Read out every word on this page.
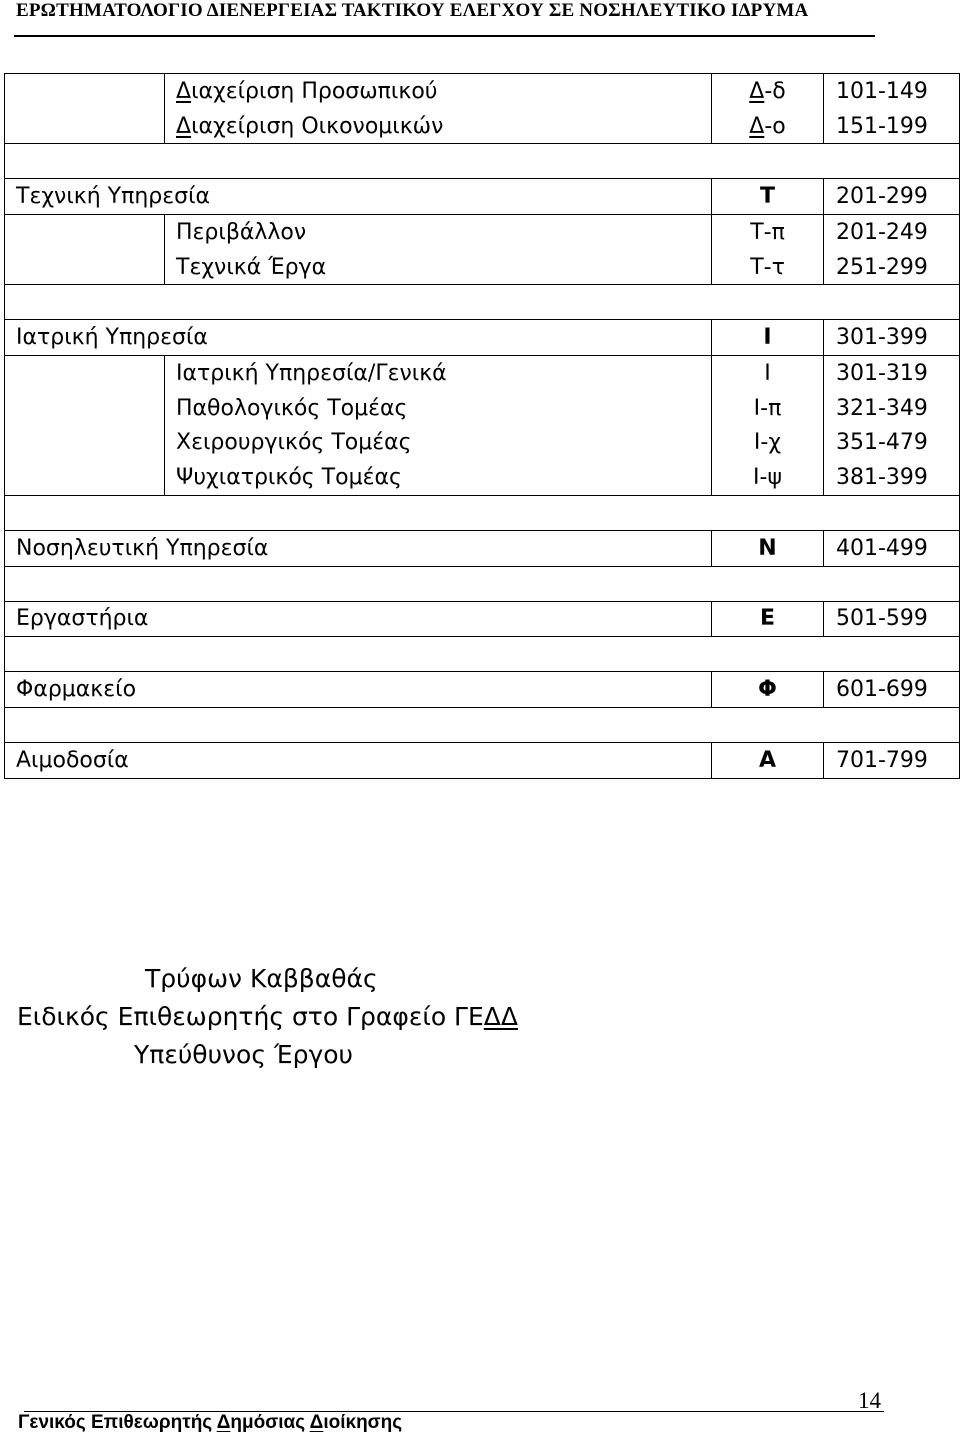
ΕΡΩΤΗΜΑΤΟΛΟΓΙΟ ΔΙΕΝΕΡΓΕΙΑΣ ΤΑΚΤΙΚΟΥ ΕΛΕΓΧΟΥ ΣΕ ΝΟΣΗΛΕΥΤΙΚΟ ΙΔΡΥΜΑ
	Διαχείριση Προσωπικού	Δ-δ	101-149
	Διαχείριση Οικονομικών	Δ-ο	151-199

Τεχνική Υπηρεσία		Τ	201-299
	Περιβάλλον	Τ-π	201-249
	Τεχνικά Έργα	Τ-τ	251-299

Ιατρική Υπηρεσία		Ι	301-399
	Ιατρική Υπηρεσία/Γενικά	Ι	301-319
	Παθολογικός Τομέας	Ι-π	321-349
	Χειρουργικός Τομέας	Ι-χ	351-479
	Ψυχιατρικός Τομέας	Ι-ψ	381-399

Νοσηλευτική Υπηρεσία		Ν	401-499

Εργαστήρια		Ε	501-599

Φαρμακείο		Φ	601-699

Αιμοδοσία		Α	701-799
Τρύφων Καββαθάς
Ειδικός Επιθεωρητής στο Γραφείο ΓΕΔΔ
Υπεύθυνος Έργου
14
Γενικός Επιθεωρητής Δημόσιας Διοίκησης
